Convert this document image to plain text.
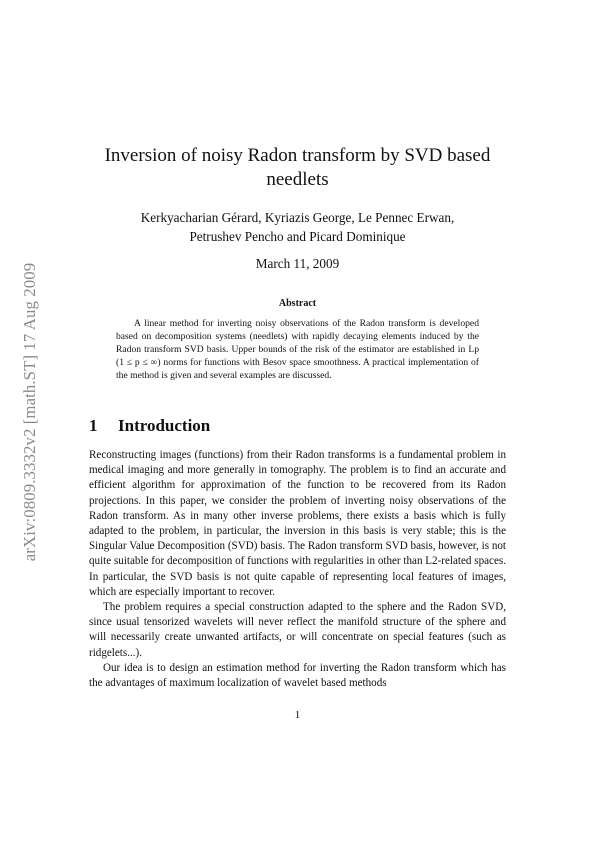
arXiv:0809.3332v2 [math.ST] 17 Aug 2009
Inversion of noisy Radon transform by SVD based needlets
Kerkyacharian Gérard, Kyriazis George, Le Pennec Erwan,
Petrushev Pencho and Picard Dominique
March 11, 2009
Abstract

A linear method for inverting noisy observations of the Radon transform is developed based on decomposition systems (needlets) with rapidly decaying elements induced by the Radon transform SVD basis. Upper bounds of the risk of the estimator are established in Lp (1 ≤ p ≤ ∞) norms for functions with Besov space smoothness. A practical implementation of the method is given and several examples are discussed.

1 Introduction

Reconstructing images (functions) from their Radon transforms is a fundamental problem in medical imaging and more generally in tomography. The problem is to find an accurate and efficient algorithm for approximation of the function to be recovered from its Radon projections. In this paper, we consider the problem of inverting noisy observations of the Radon transform. As in many other inverse problems, there exists a basis which is fully adapted to the problem, in particular, the inversion in this basis is very stable; this is the Singular Value Decomposition (SVD) basis. The Radon transform SVD basis, however, is not quite suitable for decomposition of functions with regularities in other than L2-related spaces. In particular, the SVD basis is not quite capable of representing local features of images, which are especially important to recover.

The problem requires a special construction adapted to the sphere and the Radon SVD, since usual tensorized wavelets will never reflect the manifold structure of the sphere and will necessarily create unwanted artifacts, or will concentrate on special features (such as ridgelets...).

Our idea is to design an estimation method for inverting the Radon transform which has the advantages of maximum localization of wavelet based methods

1
